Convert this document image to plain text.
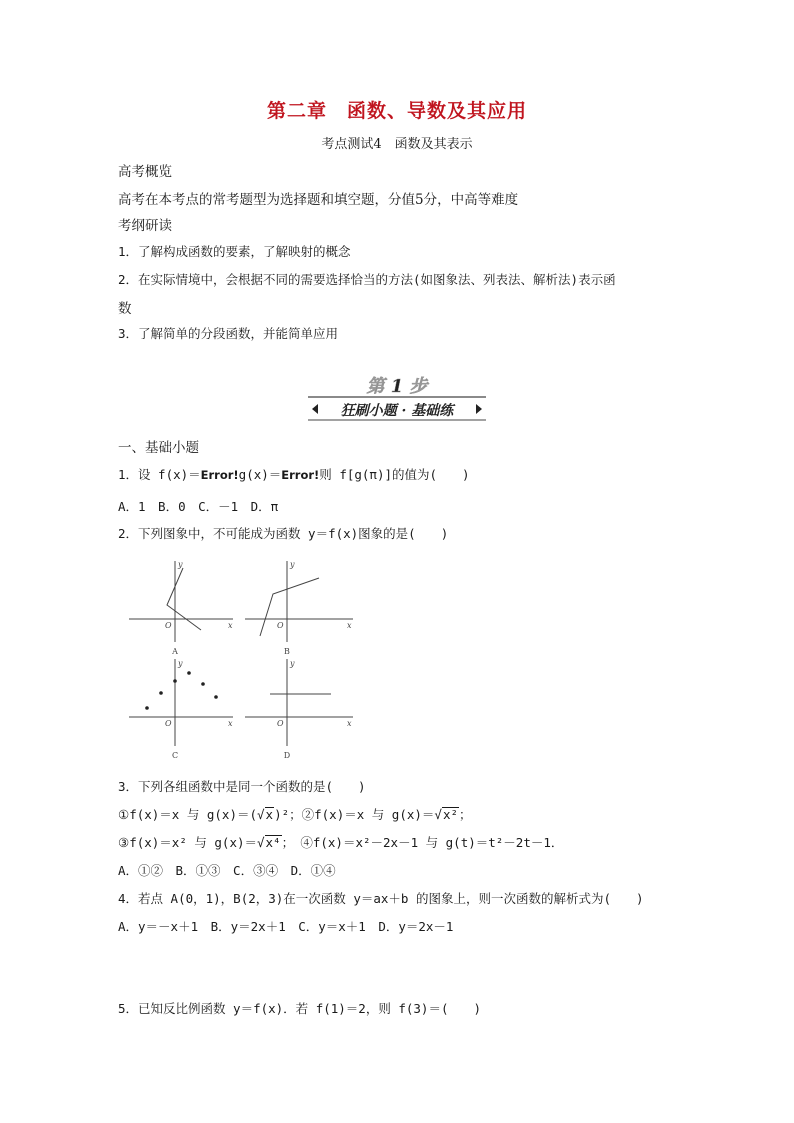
第二章　函数、导数及其应用
考点测试4　函数及其表示
高考概览
高考在本考点的常考题型为选择题和填空题，分值5分，中高等难度
考纲研读
1．了解构成函数的要素，了解映射的概念
2．在实际情境中，会根据不同的需要选择恰当的方法(如图象法、列表法、解析法)表示函
数
3．了解简单的分段函数，并能简单应用
第 1 步
狂刷小题 · 基础练
一、基础小题
1．设 f(x)＝Error!g(x)＝Error!则 f[g(π)]的值为(　　)
A．1　B．0　C．－1　D．π
2．下列图象中，不可能成为函数 y＝f(x)图象的是(　　)
y
x
O
y
x
O
y
x
O
y
x
O
A	B
C	D
3．下列各组函数中是同一个函数的是(　　)
①f(x)＝x 与 g(x)＝(√x)²；②f(x)＝x 与 g(x)＝√x²；
③f(x)＝x² 与 g(x)＝√x⁴；　④f(x)＝x²－2x－1 与 g(t)＝t²－2t－1．
A．①②　B．①③　C．③④　D．①④
4．若点 A(0，1)，B(2，3)在一次函数 y＝ax＋b 的图象上，则一次函数的解析式为(　　)
A．y＝－x＋1　B．y＝2x＋1　C．y＝x＋1　D．y＝2x－1
5．已知反比例函数 y＝f(x)．若 f(1)＝2，则 f(3)＝(　　)
